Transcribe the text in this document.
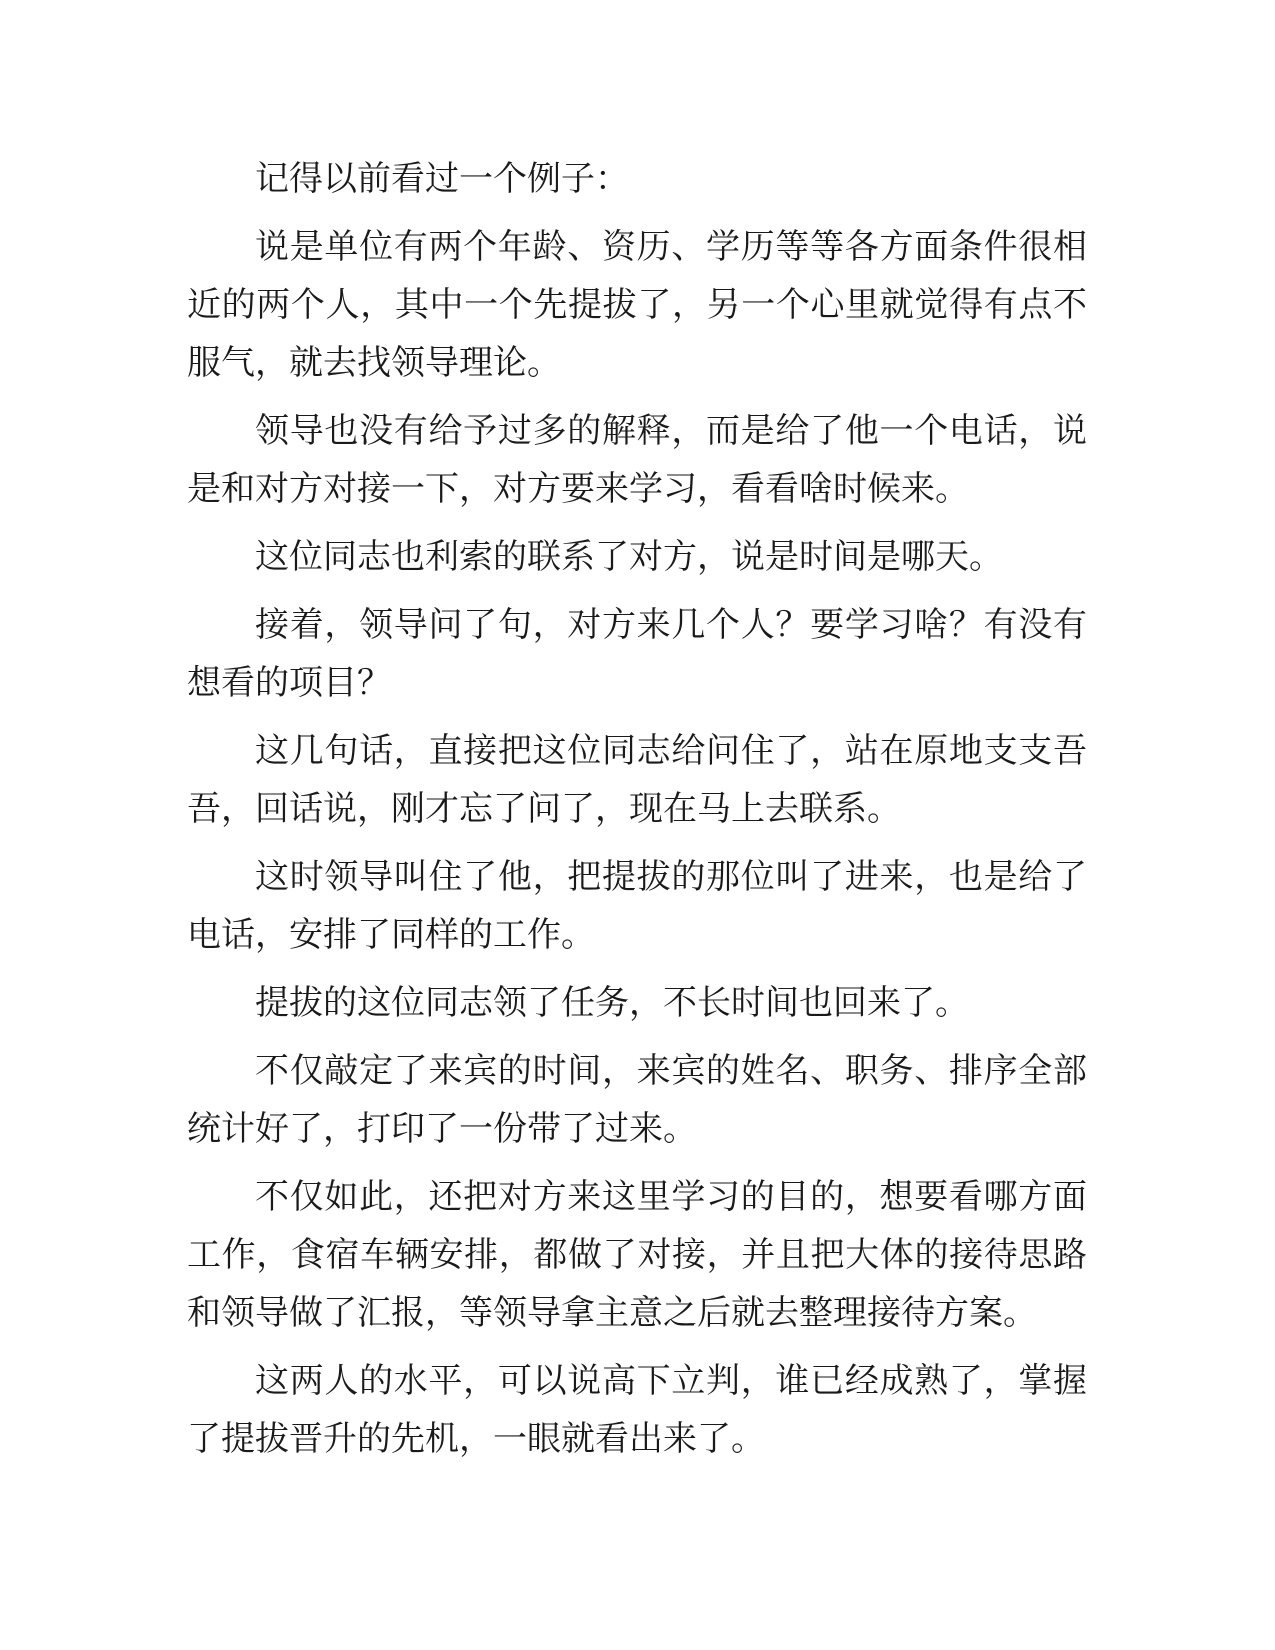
记得以前看过一个例子：

说是单位有两个年龄、资历、学历等等各方面条件很相近的两个人，其中一个先提拔了，另一个心里就觉得有点不服气，就去找领导理论。

领导也没有给予过多的解释，而是给了他一个电话，说是和对方对接一下，对方要来学习，看看啥时候来。

这位同志也利索的联系了对方，说是时间是哪天。

接着，领导问了句，对方来几个人？要学习啥？有没有想看的项目？

这几句话，直接把这位同志给问住了，站在原地支支吾吾，回话说，刚才忘了问了，现在马上去联系。

这时领导叫住了他，把提拔的那位叫了进来，也是给了电话，安排了同样的工作。

提拔的这位同志领了任务，不长时间也回来了。

不仅敲定了来宾的时间，来宾的姓名、职务、排序全部统计好了，打印了一份带了过来。

不仅如此，还把对方来这里学习的目的，想要看哪方面工作，食宿车辆安排，都做了对接，并且把大体的接待思路和领导做了汇报，等领导拿主意之后就去整理接待方案。

这两人的水平，可以说高下立判，谁已经成熟了，掌握了提拔晋升的先机，一眼就看出来了。
